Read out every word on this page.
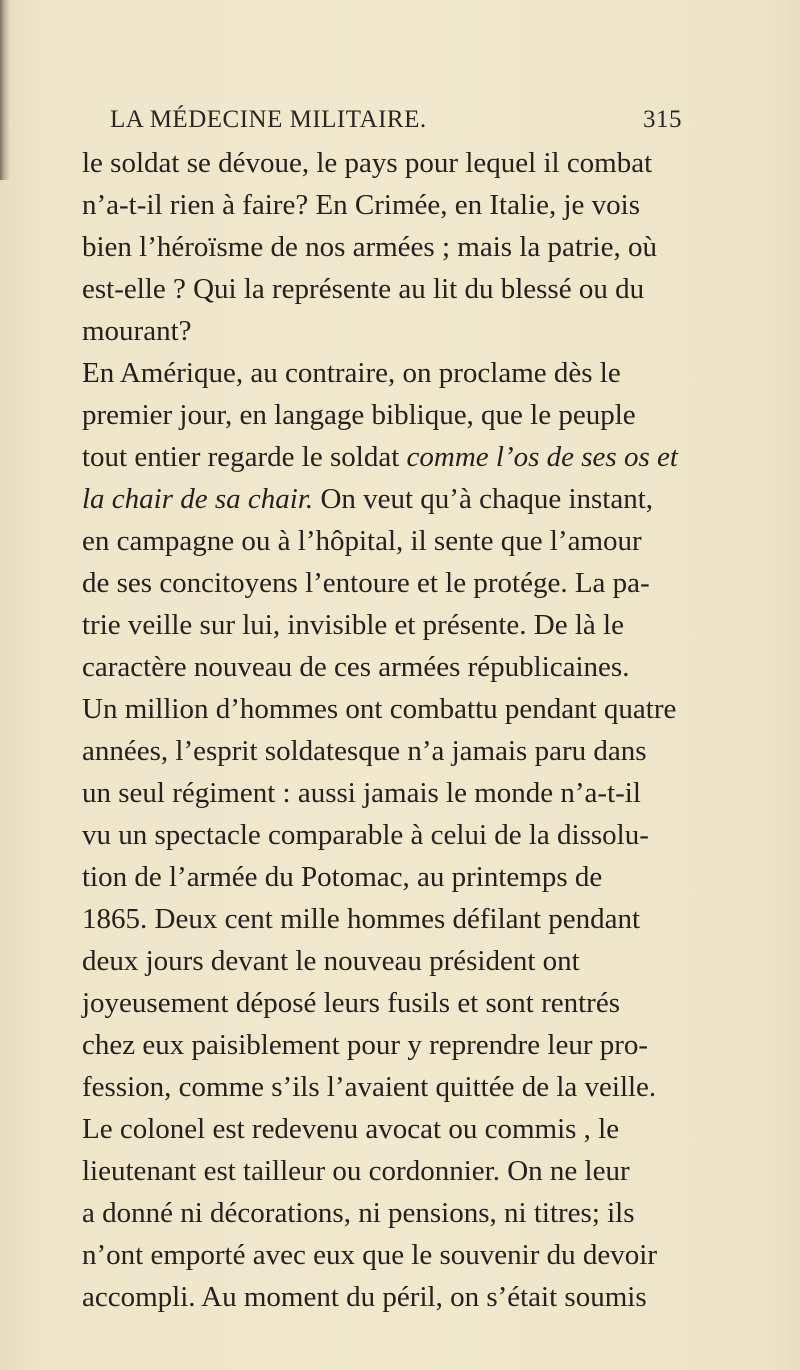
LA MÉDECINE MILITAIRE.	315
le soldat se dévoue, le pays pour lequel il combat
n’a-t-il rien à faire? En Crimée, en Italie, je vois
bien l’héroïsme de nos armées ; mais la patrie, où
est-elle ? Qui la représente au lit du blessé ou du
mourant?
En Amérique, au contraire, on proclame dès le
premier jour, en langage biblique, que le peuple
tout entier regarde le soldat comme l’os de ses os et
la chair de sa chair. On veut qu’à chaque instant,
en campagne ou à l’hôpital, il sente que l’amour
de ses concitoyens l’entoure et le protége. La pa-
trie veille sur lui, invisible et présente. De là le
caractère nouveau de ces armées républicaines.
Un million d’hommes ont combattu pendant quatre
années, l’esprit soldatesque n’a jamais paru dans
un seul régiment : aussi jamais le monde n’a-t-il
vu un spectacle comparable à celui de la dissolu-
tion de l’armée du Potomac, au printemps de
1865. Deux cent mille hommes défilant pendant
deux jours devant le nouveau président ont
joyeusement déposé leurs fusils et sont rentrés
chez eux paisiblement pour y reprendre leur pro-
fession, comme s’ils l’avaient quittée de la veille.
Le colonel est redevenu avocat ou commis , le
lieutenant est tailleur ou cordonnier. On ne leur
a donné ni décorations, ni pensions, ni titres; ils
n’ont emporté avec eux que le souvenir du devoir
accompli. Au moment du péril, on s’était soumis
